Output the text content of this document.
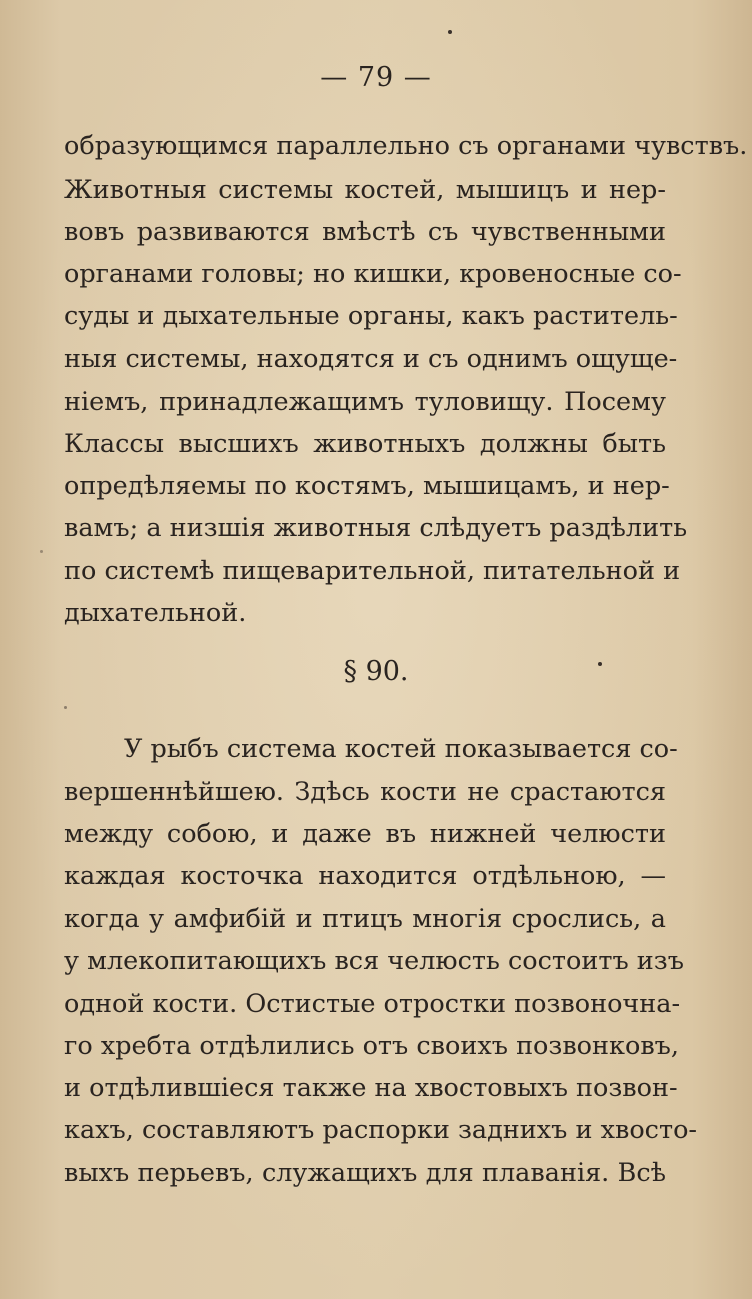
— 79 —
образующимся параллельно съ органами чувствъ.
Животныя системы костей, мышицъ и нер-
вовъ развиваются вмѣстѣ съ чувственными
органами головы; но кишки, кровеносные со-
суды и дыхательные органы, какъ раститель-
ныя системы, находятся и съ однимъ ощуще-
нiемъ, принадлежащимъ туловищу. Посему
Классы высшихъ животныхъ должны быть
опредѣляемы по костямъ, мышицамъ, и нер-
вамъ; а низшiя животныя слѣдуетъ раздѣлить
по системѣ пищеварительной, питательной и
дыхательной.
§ 90.
У рыбъ система костей показывается со-
вершеннѣйшею. Здѣсь кости не срастаются
между собою, и даже въ нижней челюсти
каждая косточка находится отдѣльною, —
когда у амфибiй и птицъ многiя срослись, а
у млекопитающихъ вся челюсть состоитъ изъ
одной кости. Остистые отростки позвоночна-
го хребта отдѣлились отъ своихъ позвонковъ,
и отдѣлившiеся также на хвостовыхъ позвон-
кахъ, составляютъ распорки заднихъ и хвосто-
выхъ перьевъ, служащихъ для плаванiя. Всѣ
